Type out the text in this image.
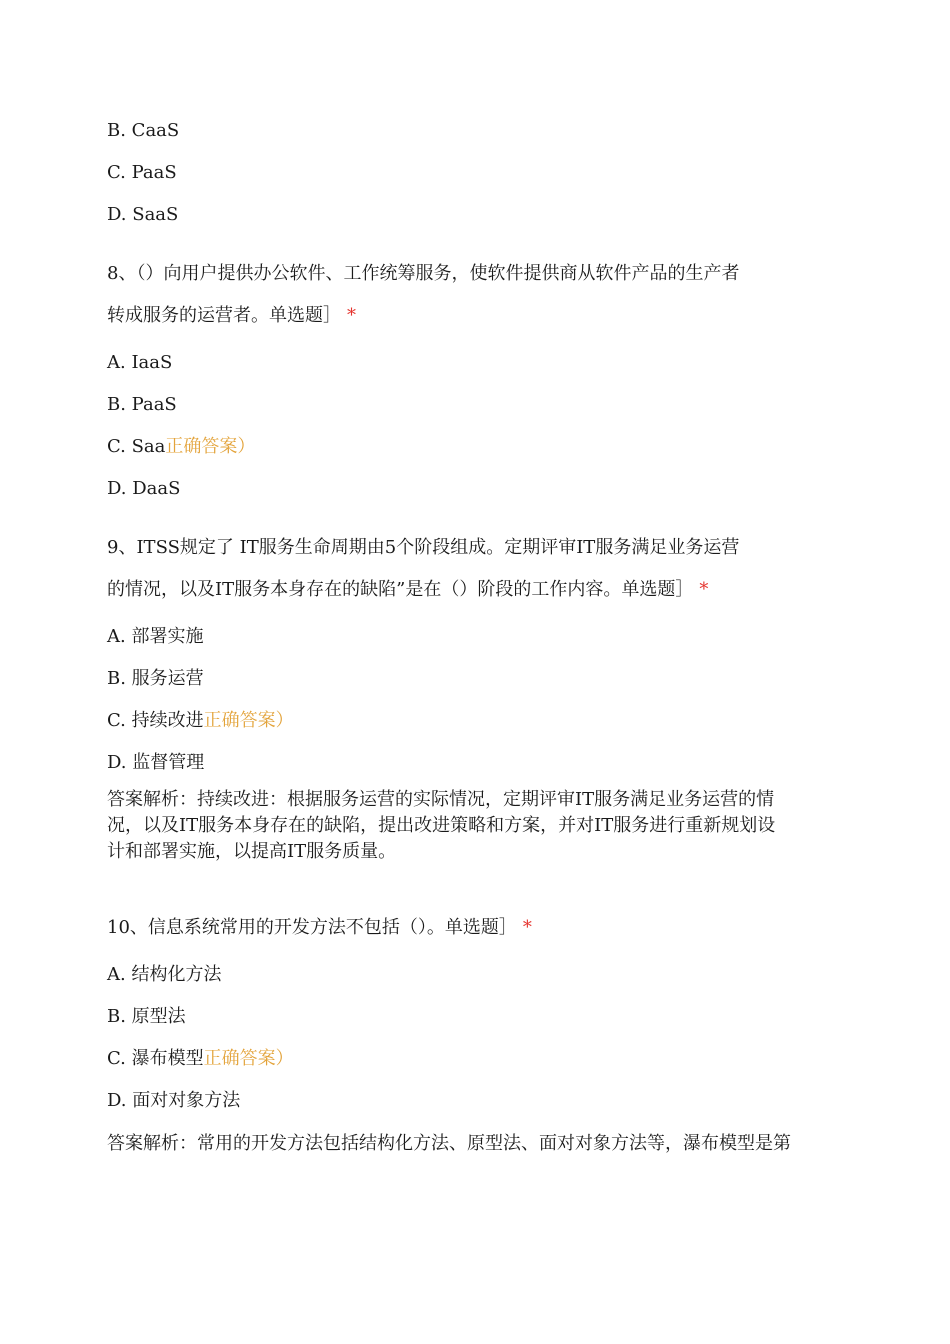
B. CaaS
C. PaaS
D. SaaS
8、（）向用户提供办公软件、工作统筹服务，使软件提供商从软件产品的生产者
转成服务的运营者。单选题］ *
A. IaaS
B. PaaS
C. Saa正确答案）
D. DaaS
9、ITSS规定了 IT服务生命周期由5个阶段组成。定期评审IT服务满足业务运营
的情况，以及IT服务本身存在的缺陷”是在（）阶段的工作内容。单选题］ *
A. 部署实施
B. 服务运营
C. 持续改进正确答案）
D. 监督管理
答案解析：持续改进：根据服务运营的实际情况，定期评审IT服务满足业务运营的情
况，以及IT服务本身存在的缺陷，提出改进策略和方案，并对IT服务进行重新规划设
计和部署实施，以提高IT服务质量。
10、信息系统常用的开发方法不包括（）。单选题］ *
A. 结构化方法
B. 原型法
C. 瀑布模型正确答案）
D. 面对对象方法
答案解析：常用的开发方法包括结构化方法、原型法、面对对象方法等，瀑布模型是第
